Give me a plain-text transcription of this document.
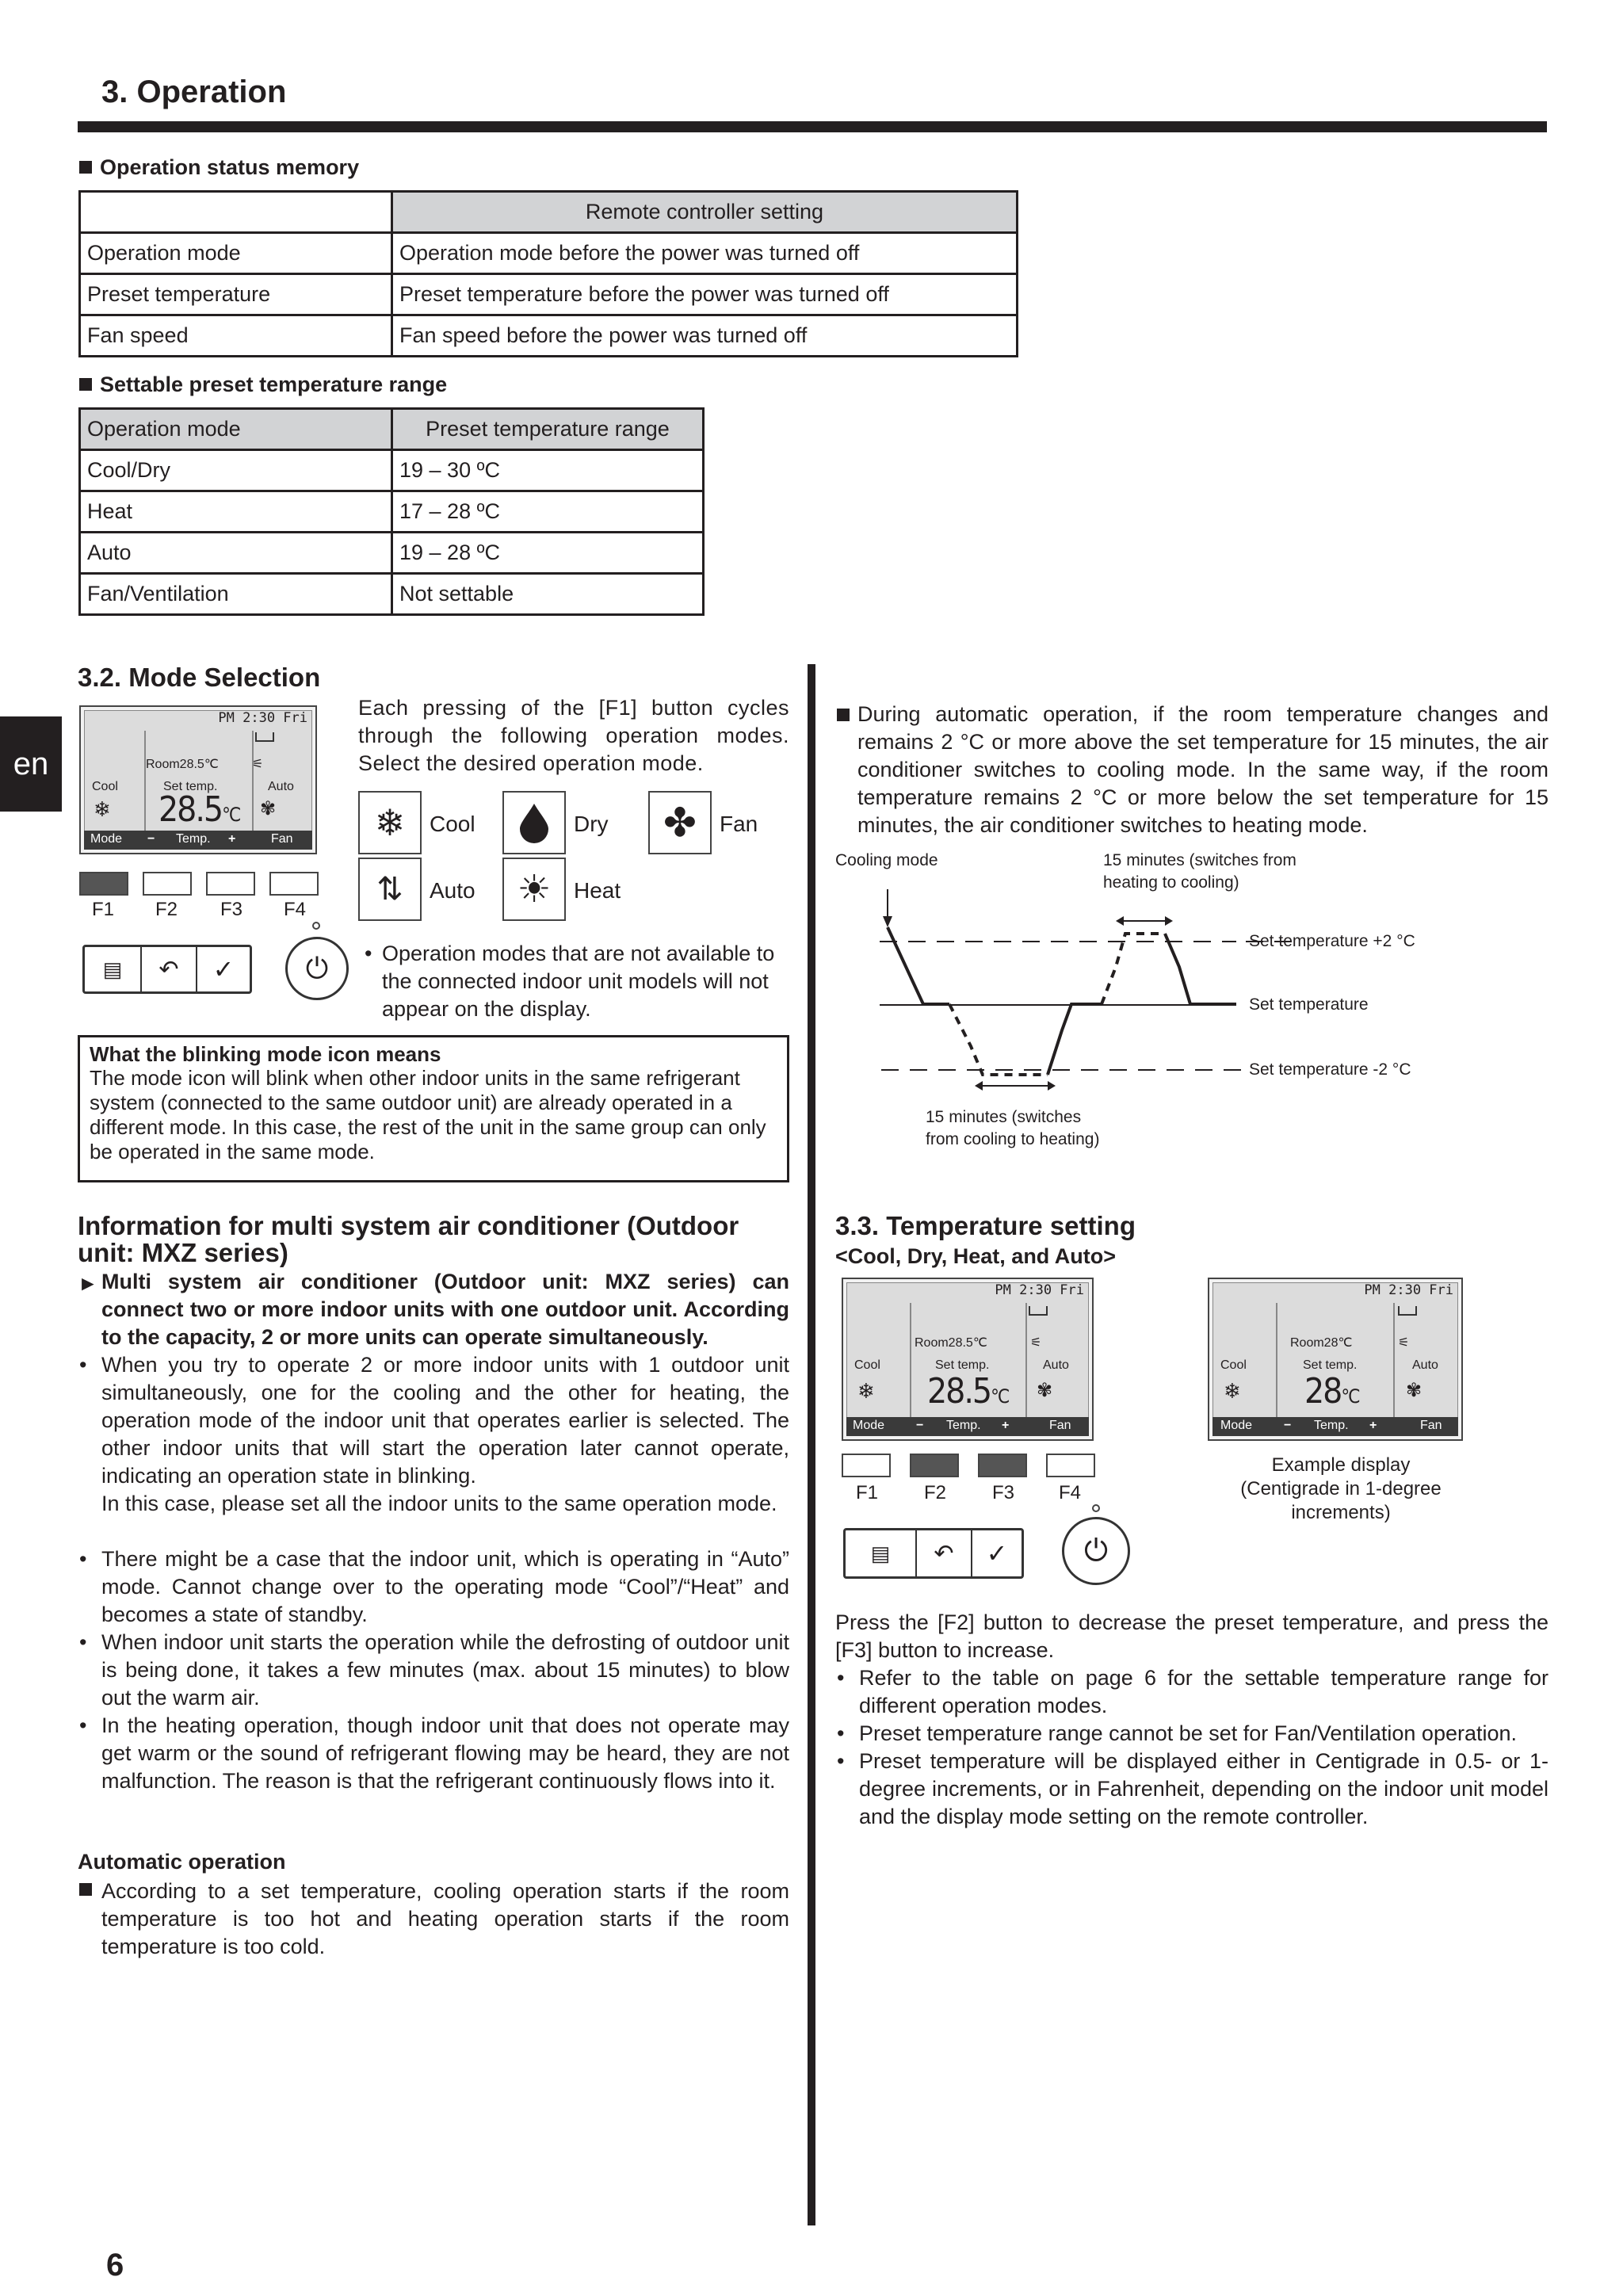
3. Operation
en
Operation status memory
	Remote controller setting
Operation mode	Operation mode before the power was turned off
Preset temperature	Preset temperature before the power was turned off
Fan speed	Fan speed before the power was turned off
Settable preset temperature range
Operation mode	Preset temperature range
Cool/Dry	19 – 30 ºC
Heat	17 – 28 ºC
Auto	19 – 28 ºC
Fan/Ventilation	Not settable
3.2. Mode Selection
Each pressing of the [F1] button cycles through the following operation modes. Select the desired operation mode.
PM 2:30 Fri
Room28.5℃	⚟
Cool	Set temp.	Auto
❄ 28.5℃ ✾
Mode − Temp. +	Fan
F1 F2 F3 F4
▤	↶	✓	⏻
❄	Cool	Dry	✤	Fan
⇅	Auto	☀	Heat
• Operation modes that are not available to the connected indoor unit models will not appear on the display.
What the blinking mode icon means
The mode icon will blink when other indoor units in the same refrigerant system (connected to the same outdoor unit) are already operated in a different mode. In this case, the rest of the unit in the same group can only be operated in the same mode.
Information for multi system air conditioner (Outdoor
unit: MXZ series)
► Multi system air conditioner (Outdoor unit: MXZ series) can connect two or more indoor units with one outdoor unit. According to the capacity, 2 or more units can operate simultaneously.
• When you try to operate 2 or more indoor units with 1 outdoor unit simultaneously, one for the cooling and the other for heating, the operation mode of the indoor unit that operates earlier is selected. The other indoor units that will start the operation later cannot operate, indicating an operation state in blinking.
In this case, please set all the indoor units to the same operation mode.
• There might be a case that the indoor unit, which is operating in “Auto” mode. Cannot change over to the operating mode “Cool”/“Heat” and becomes a state of standby.
• When indoor unit starts the operation while the defrosting of outdoor unit is being done, it takes a few minutes (max. about 15 minutes) to blow out the warm air.
• In the heating operation, though indoor unit that does not operate may get warm or the sound of refrigerant flowing may be heard, they are not malfunction. The reason is that the refrigerant continuously flows into it.
Automatic operation
According to a set temperature, cooling operation starts if the room temperature is too hot and heating operation starts if the room temperature is too cold.
During automatic operation, if the room temperature changes and remains 2 °C or more above the set temperature for 15 minutes, the air conditioner switches to cooling mode. In the same way, if the room temperature remains 2 °C or more below the set temperature for 15 minutes, the air conditioner switches to heating mode.
Cooling mode	15 minutes (switches from
heating to cooling)
Set temperature +2 °C
Set temperature
Set temperature -2 °C
15 minutes (switches
from cooling to heating)
3.3. Temperature setting
<Cool, Dry, Heat, and Auto>
PM 2:30 Fri
Room28.5℃	⚟
Cool	Set temp.	Auto
❄ 28.5℃ ✾
Mode − Temp. +	Fan
PM 2:30 Fri
Room28℃	⚟
Cool	Set temp.	Auto
❄ 28℃ ✾
Mode − Temp. +	Fan
Example display
(Centigrade in 1-degree increments)
F1 F2 F3 F4
▤	↶	✓	⏻
Press the [F2] button to decrease the preset temperature, and press the [F3] button to increase.
• Refer to the table on page 6 for the settable temperature range for different operation modes.
• Preset temperature range cannot be set for Fan/Ventilation operation.
• Preset temperature will be displayed either in Centigrade in 0.5- or 1-degree increments, or in Fahrenheit, depending on the indoor unit model and the display mode setting on the remote controller.
6
